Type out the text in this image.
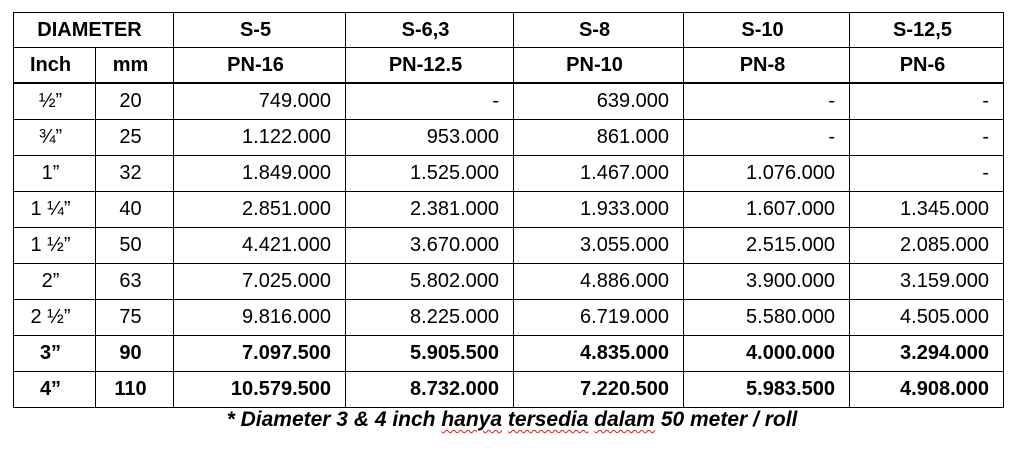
DIAMETER		S-5	S-6,3	S-8	S-10	S-12,5
Inch	mm	PN-16	PN-12.5	PN-10	PN-8	PN-6
½”	20	749.000	-	639.000	-	-
¾”	25	1.122.000	953.000	861.000	-	-
1”	32	1.849.000	1.525.000	1.467.000	1.076.000	-
1 ¼”	40	2.851.000	2.381.000	1.933.000	1.607.000	1.345.000
1 ½”	50	4.421.000	3.670.000	3.055.000	2.515.000	2.085.000
2”	63	7.025.000	5.802.000	4.886.000	3.900.000	3.159.000
2 ½”	75	9.816.000	8.225.000	6.719.000	5.580.000	4.505.000
3”	90	7.097.500	5.905.500	4.835.000	4.000.000	3.294.000
4”	110	10.579.500	8.732.000	7.220.500	5.983.500	4.908.000
* Diameter 3 & 4 inch hanya tersedia dalam 50 meter / roll
